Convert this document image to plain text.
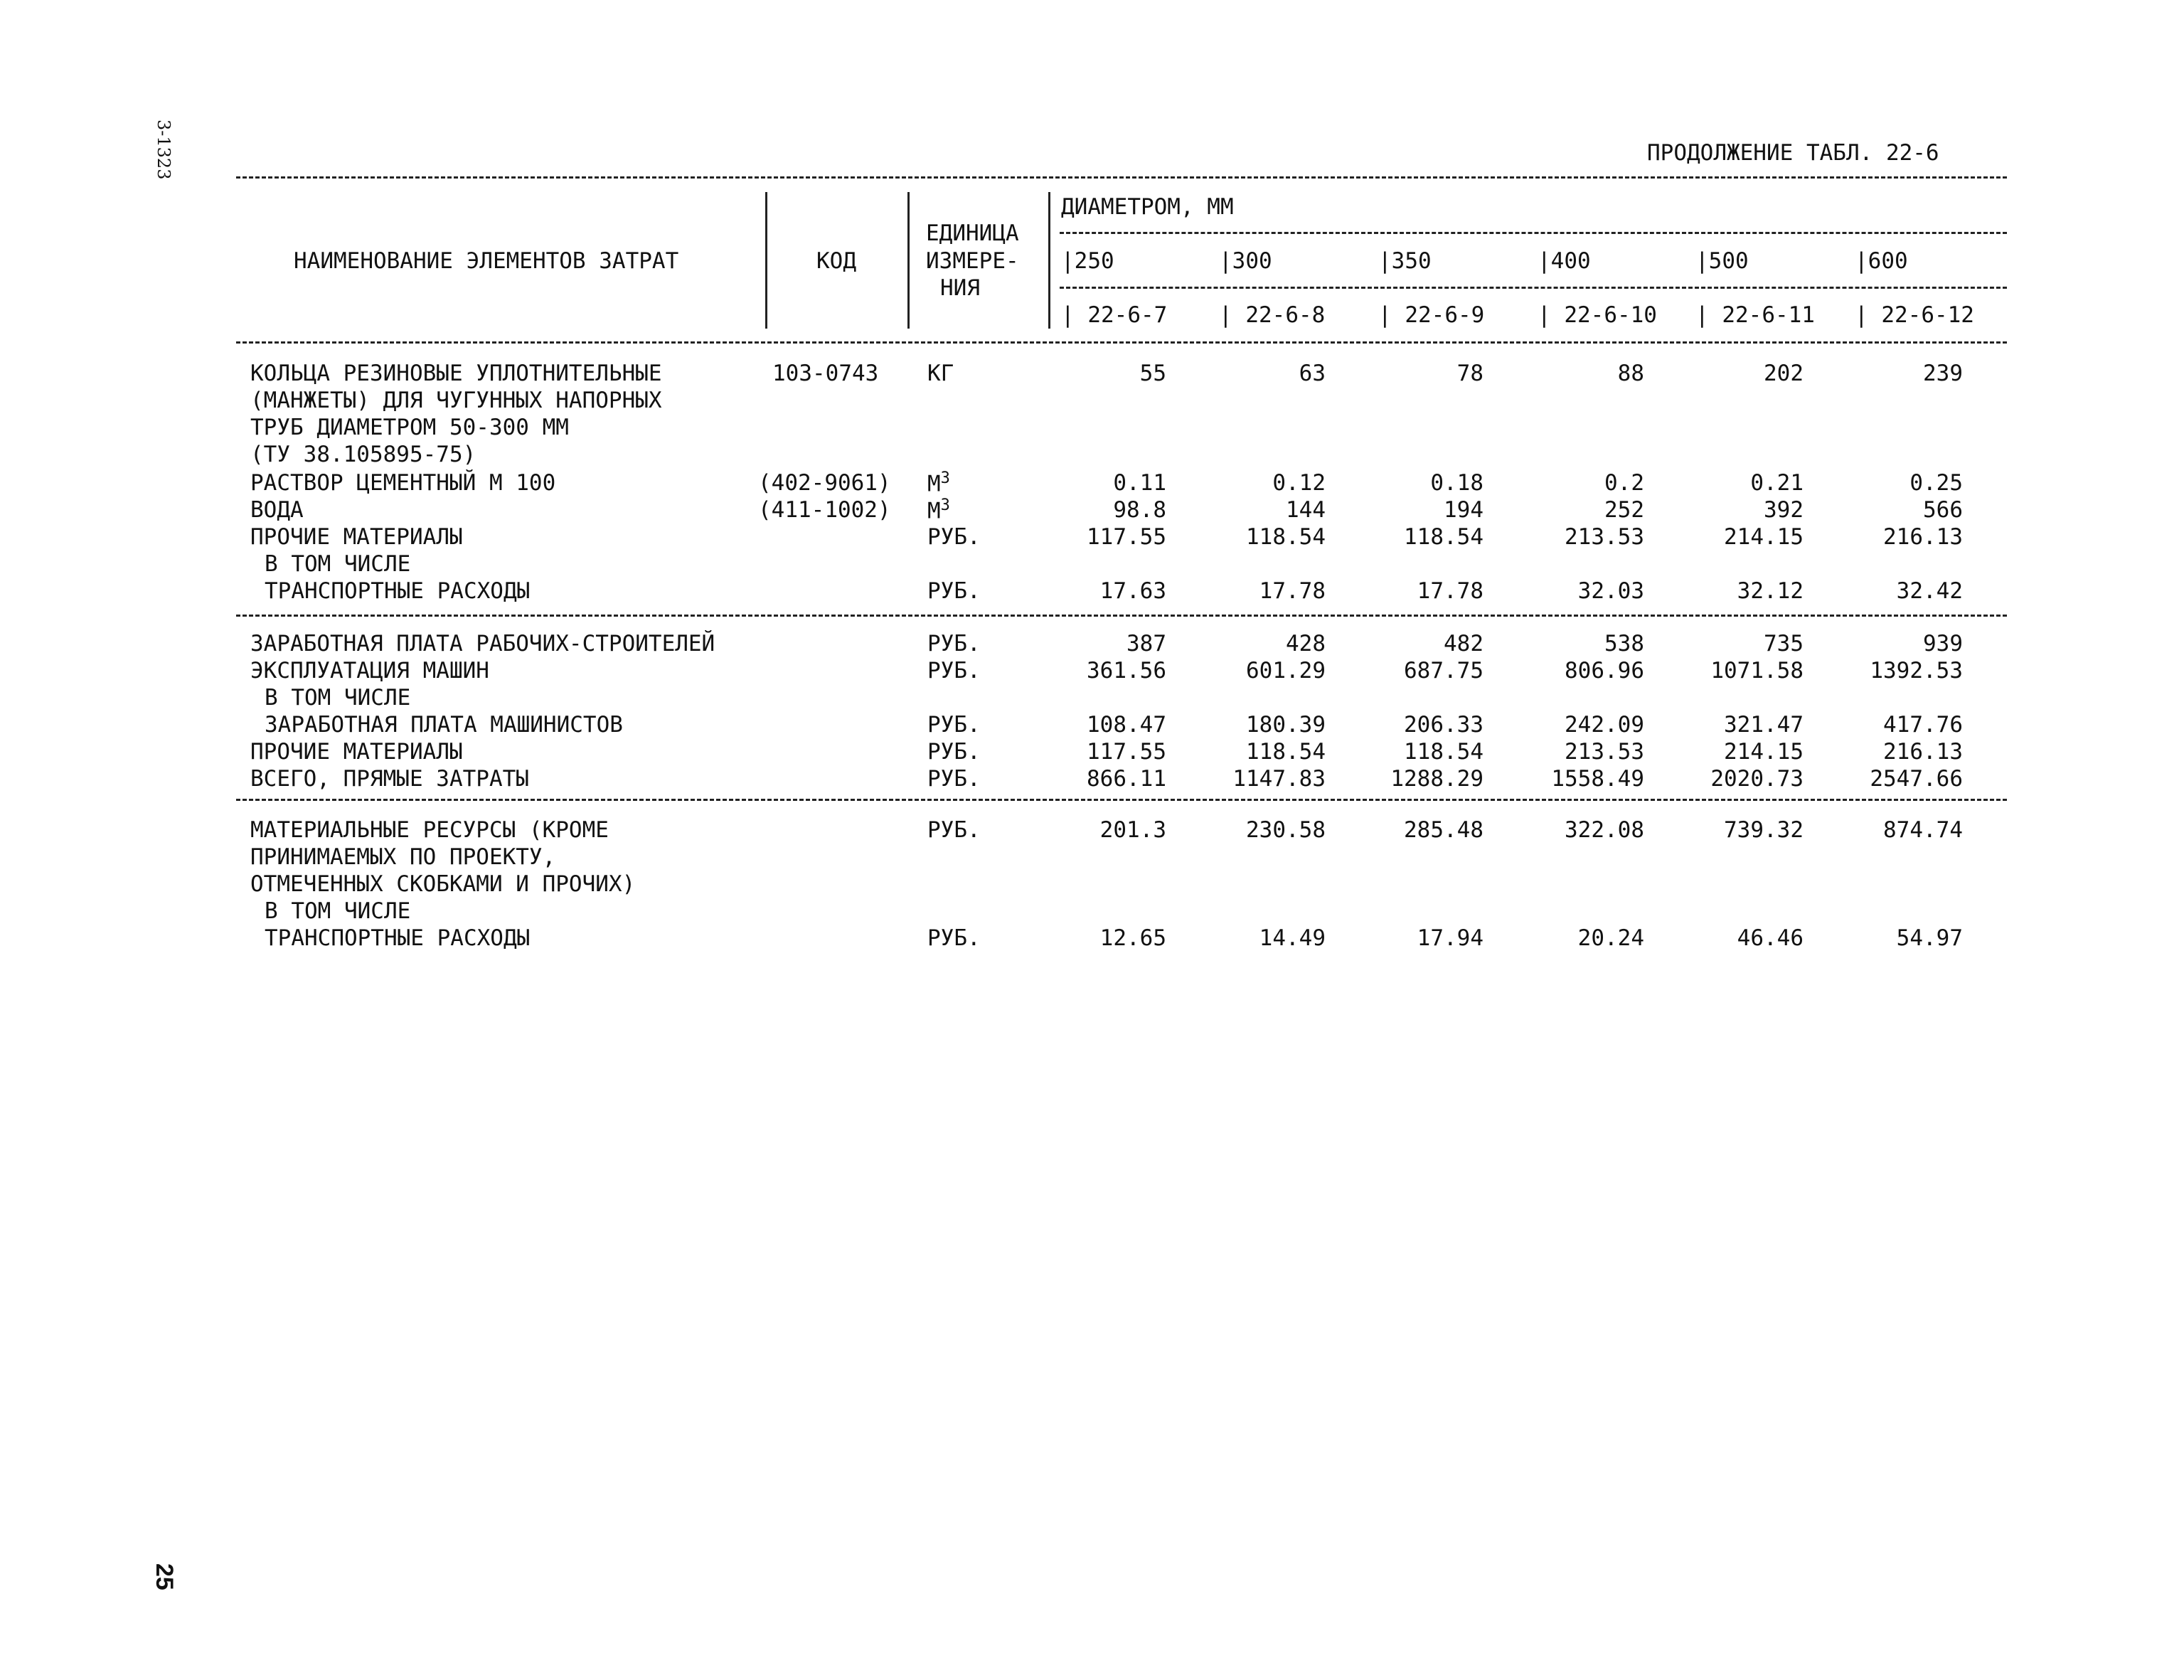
3-1323
25
ПРОДОЛЖЕНИЕ ТАБЛ. 22-6
НАИМЕНОВАНИЕ ЭЛЕМЕНТОВ ЗАТРАТ	КОД
ЕДИНИЦА
ИЗМЕРЕ-
НИЯ
ДИАМЕТРОМ, ММ
|250	|300	|350	|400	|500	|600
| 22-6-7 | 22-6-8 | 22-6-9 | 22-6-10 | 22-6-11 | 22-6-12
КОЛЬЦА РЕЗИНОВЫЕ УПЛОТНИТЕЛЬНЫЕ	103-0743 КГ	55	63	78	88	202	239
(МАНЖЕТЫ) ДЛЯ ЧУГУННЫХ НАПОРНЫХ
ТРУБ ДИАМЕТРОМ 50-300 ММ
(ТУ 38.105895-75)
РАСТВОР ЦЕМЕНТНЫЙ М 100	(402-9061) $М^3$	0.11	0.12	0.18	0.2	0.21	0.25
ВОДА	(411-1002) $М^3$	98.8	144	194	252	392	566
ПРОЧИЕ МАТЕРИАЛЫ	РУБ.	117.55	118.54	118.54	213.53	214.15	216.13
В ТОМ ЧИСЛЕ
ТРАНСПОРТНЫЕ РАСХОДЫ	РУБ.	17.63	17.78	17.78	32.03	32.12	32.42
ЗАРАБОТНАЯ ПЛАТА РАБОЧИХ-СТРОИТЕЛЕЙ	РУБ.	387	428	482	538	735	939
ЭКСПЛУАТАЦИЯ МАШИН	РУБ.	361.56	601.29	687.75	806.96	1071.58	1392.53
В ТОМ ЧИСЛЕ
ЗАРАБОТНАЯ ПЛАТА МАШИНИСТОВ	РУБ.	108.47	180.39	206.33	242.09	321.47	417.76
ПРОЧИЕ МАТЕРИАЛЫ	РУБ.	117.55	118.54	118.54	213.53	214.15	216.13
ВСЕГО, ПРЯМЫЕ ЗАТРАТЫ	РУБ.	866.11	1147.83	1288.29	1558.49	2020.73	2547.66
МАТЕРИАЛЬНЫЕ РЕСУРСЫ (КРОМЕ	РУБ.	201.3	230.58	285.48	322.08	739.32	874.74
ПРИНИМАЕМЫХ ПО ПРОЕКТУ,
ОТМЕЧЕННЫХ СКОБКАМИ И ПРОЧИХ)
В ТОМ ЧИСЛЕ
ТРАНСПОРТНЫЕ РАСХОДЫ	РУБ.	12.65	14.49	17.94	20.24	46.46	54.97
